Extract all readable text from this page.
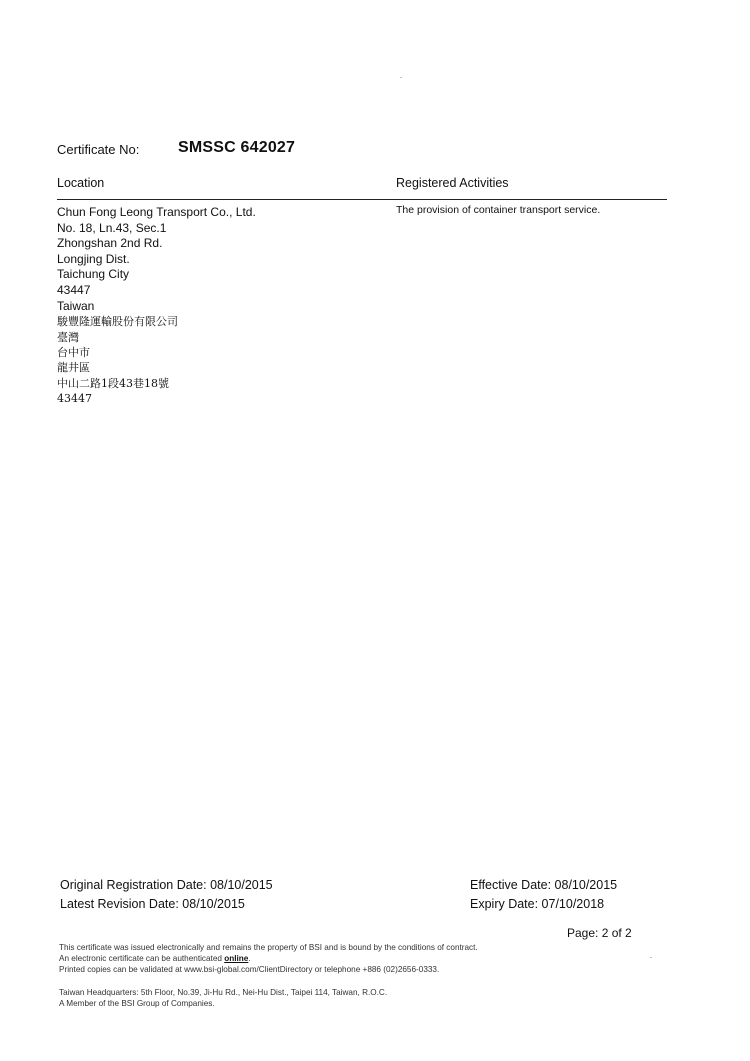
Certificate No: SMSSC 642027
Location	Registered Activities
Chun Fong Leong Transport Co., Ltd.
No. 18, Ln.43, Sec.1
Zhongshan 2nd Rd.
Longjing Dist.
Taichung City
43447
Taiwan
駿豐隆運輸股份有限公司
臺灣
台中市
龍井區
中山二路1段43巷18號
43447
The provision of container transport service.
Original Registration Date: 08/10/2015
Latest Revision Date: 08/10/2015
Effective Date: 08/10/2015
Expiry Date: 07/10/2018
Page: 2 of 2
This certificate was issued electronically and remains the property of BSI and is bound by the conditions of contract.
An electronic certificate can be authenticated online.
Printed copies can be validated at www.bsi-global.com/ClientDirectory or telephone +886 (02)2656-0333.
Taiwan Headquarters: 5th Floor, No.39, Ji-Hu Rd., Nei-Hu Dist., Taipei 114, Taiwan, R.O.C.
A Member of the BSI Group of Companies.
